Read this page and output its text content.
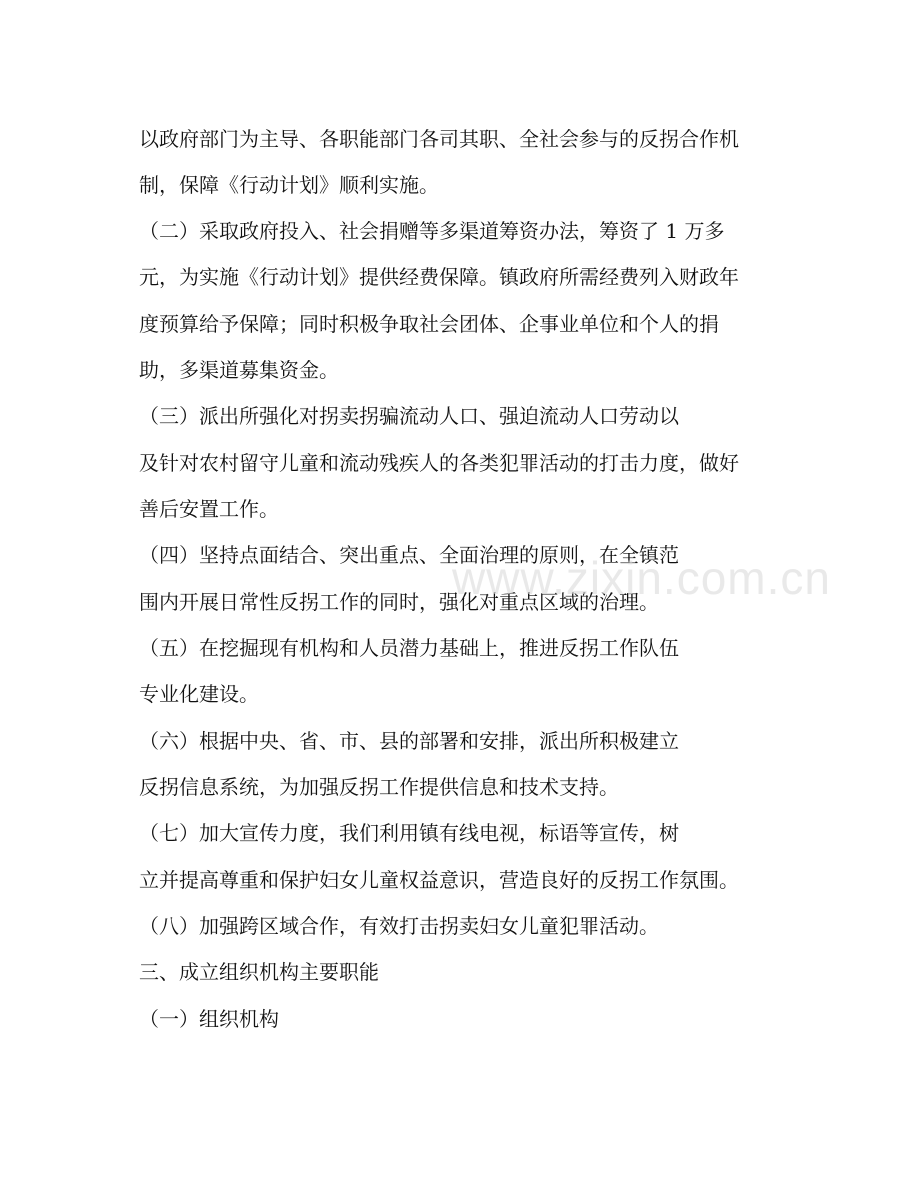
以政府部门为主导、各职能部门各司其职、全社会参与的反拐合作机
制，保障《行动计划》顺利实施。
（二）采取政府投入、社会捐赠等多渠道筹资办法，筹资了 1 万多
元，为实施《行动计划》提供经费保障。镇政府所需经费列入财政年
度预算给予保障；同时积极争取社会团体、企事业单位和个人的捐
助，多渠道募集资金。
（三）派出所强化对拐卖拐骗流动人口、强迫流动人口劳动以
及针对农村留守儿童和流动残疾人的各类犯罪活动的打击力度，做好
善后安置工作。
（四）坚持点面结合、突出重点、全面治理的原则，在全镇范
围内开展日常性反拐工作的同时，强化对重点区域的治理。
（五）在挖掘现有机构和人员潜力基础上，推进反拐工作队伍
专业化建设。
（六）根据中央、省、市、县的部署和安排，派出所积极建立
反拐信息系统，为加强反拐工作提供信息和技术支持。
（七）加大宣传力度，我们利用镇有线电视，标语等宣传，树
立并提高尊重和保护妇女儿童权益意识，营造良好的反拐工作氛围。
（八）加强跨区域合作，有效打击拐卖妇女儿童犯罪活动。
三、成立组织机构主要职能
（一）组织机构
www.zixin.com.cn
